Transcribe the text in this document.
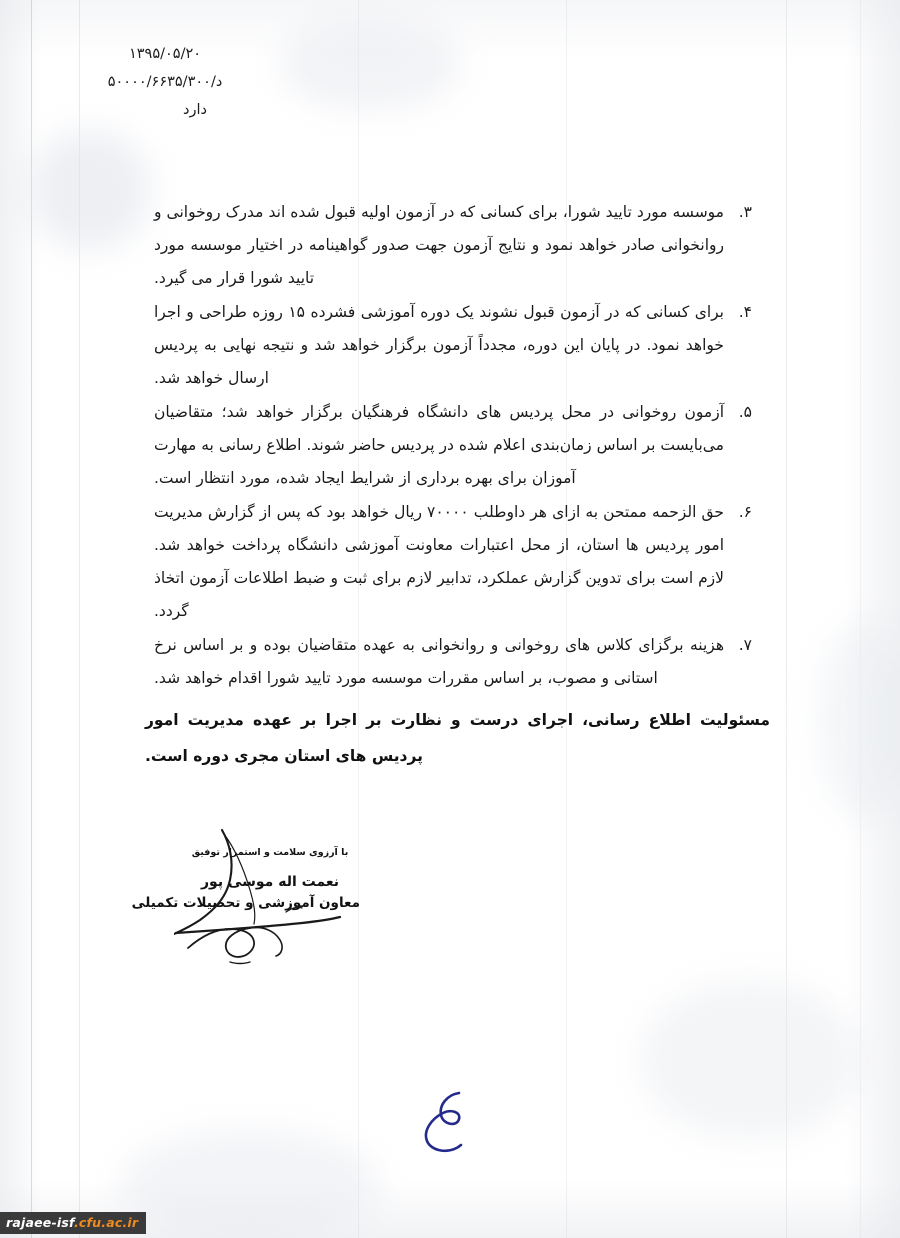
۱۳۹۵/۰۵/۲۰
د/۵۰۰۰۰/۶۶۳۵/۳۰۰
دارد
۳.
موسسه مورد تایید شورا، برای کسانی که در آزمون اولیه قبول شده اند مدرک روخوانی و روانخوانی صادر خواهد نمود و نتایج آزمون جهت صدور گواهینامه در اختیار موسسه مورد تایید شورا قرار می گیرد.
۴.
برای کسانی که در آزمون قبول نشوند یک دوره آموزشی فشرده ۱۵ روزه طراحی و اجرا خواهد نمود. در پایان این دوره، مجدداً آزمون برگزار خواهد شد و نتیجه نهایی به پردیس ارسال خواهد شد.
۵.
آزمون روخوانی در محل پردیس های دانشگاه فرهنگیان برگزار خواهد شد؛ متقاضیان می‌بایست بر اساس زمان‌بندی اعلام شده در پردیس حاضر شوند. اطلاع رسانی به مهارت آموزان برای بهره برداری از شرایط ایجاد شده، مورد انتظار است.
۶.
حق الزحمه ممتحن به ازای هر داوطلب ۷۰۰۰۰ ریال خواهد بود که پس از گزارش مدیریت امور پردیس ها استان، از محل اعتبارات معاونت آموزشی دانشگاه پرداخت خواهد شد. لازم است برای تدوین گزارش عملکرد، تدابیر لازم برای ثبت و ضبط اطلاعات آزمون اتخاذ گردد.
۷.
هزینه برگزای کلاس های روخوانی و روانخوانی به عهده متقاضیان بوده و بر اساس نرخ استانی و مصوب، بر اساس مقررات موسسه مورد تایید شورا اقدام خواهد شد.
مسئولیت اطلاع رسانی، اجرای درست و نظارت بر اجرا بر عهده مدیریت امور پردیس های استان مجری دوره است.
با آرزوی سلامت و استمرار توفیق
نعمت اله موسی پور
معاون آموزشی و تحصیلات تکمیلی
rajaee-isf.cfu.ac.ir
